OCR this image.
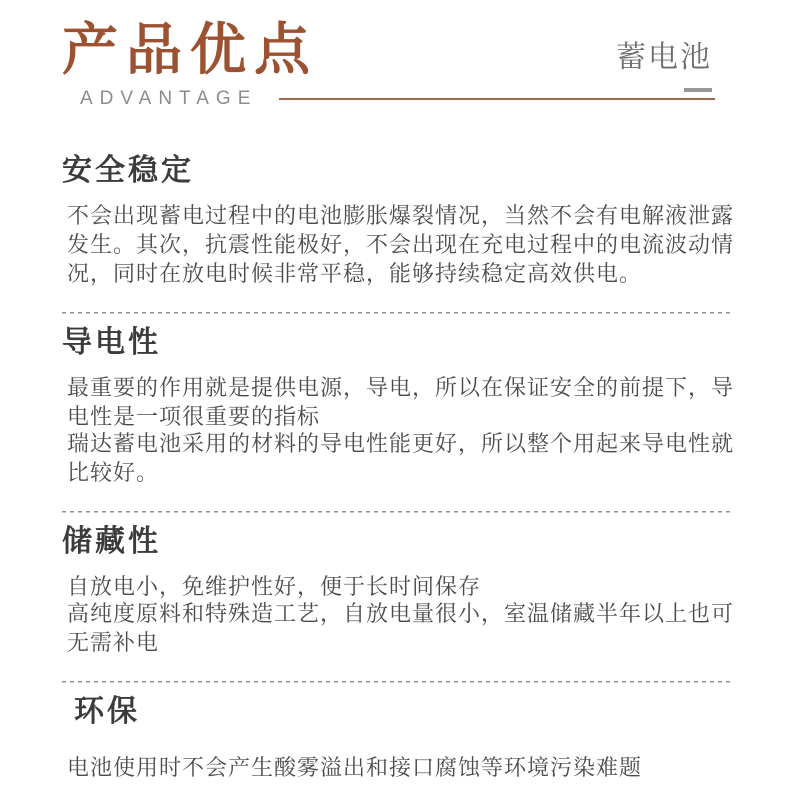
产品优点
ADVANTAGE
蓄电池
安全稳定

不会出现蓄电过程中的电池膨胀爆裂情况，当然不会有电解液泄露发生。其次，抗震性能极好，不会出现在充电过程中的电流波动情况，同时在放电时候非常平稳，能够持续稳定高效供电。

导电性

最重要的作用就是提供电源，导电，所以在保证安全的前提下，导电性是一项很重要的指标

瑞达蓄电池采用的材料的导电性能更好，所以整个用起来导电性就比较好。

储藏性

自放电小，免维护性好，便于长时间保存

高纯度原料和特殊造工艺，自放电量很小，室温储藏半年以上也可无需补电

环保

电池使用时不会产生酸雾溢出和接口腐蚀等环境污染难题
